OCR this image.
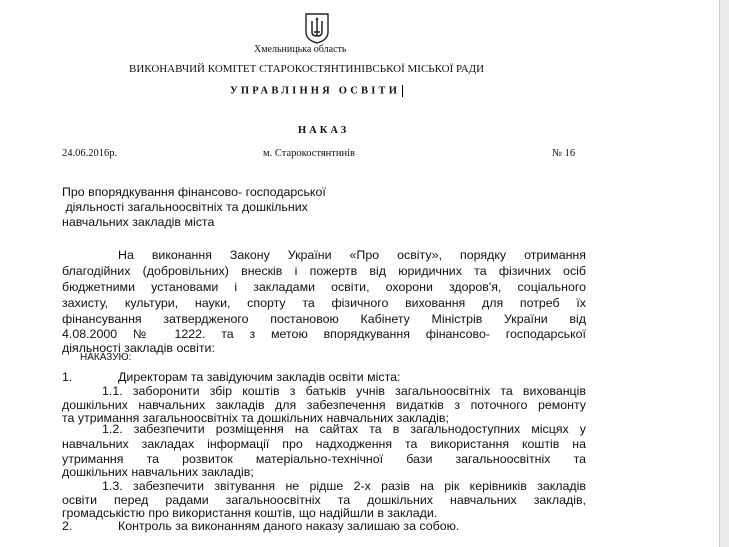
Хмельницька область
ВИКОНАВЧИЙ КОМІТЕТ СТАРОКОСТЯНТИНІВСЬКОЇ МІСЬКОЇ РАДИ
УПРАВЛІННЯ ОСВІТИ
НАКАЗ
24.06.2016р.	м. Старокостянтинів	№ 16
Про впорядкування фінансово- господарської
діяльності загальноосвітніх та дошкільних
навчальних закладів міста
На виконання Закону України «Про освіту», порядку отримання
благодійних (добровільних) внесків і пожертв від юридичних та фізичних осіб
бюджетними установами і закладами освіти, охорони здоров'я, соціального
захисту, культури, науки, спорту та фізичного виховання для потреб їх
фінансування затвердженого постановою Кабінету Міністрів України від
4.08.2000 № 1222. та з метою впорядкування фінансово- господарської
діяльності закладів освіти:
НАКАЗУЮ:
1.	Директорам та завідуючим закладів освіти міста:
1.1. заборонити збір коштів з батьків учнів загальноосвітніх та вихованців
дошкільних навчальних закладів для забезпечення видатків з поточного ремонту
та утримання загальноосвітніх та дошкільних навчальних закладів;
1.2. забезпечити розміщення на сайтах та в загальнодоступних місцях у
навчальних закладах інформації про надходження та використання коштів на
утримання та розвиток матеріально-технічної бази загальноосвітніх та
дошкільних навчальних закладів;
1.3. забезпечити звітування не рідше 2-х разів на рік керівників закладів
освіти перед радами загальноосвітніх та дошкільних навчальних закладів,
громадськістю про використання коштів, що надійшли в заклади.
2.	Контроль за виконанням даного наказу залишаю за собою.
